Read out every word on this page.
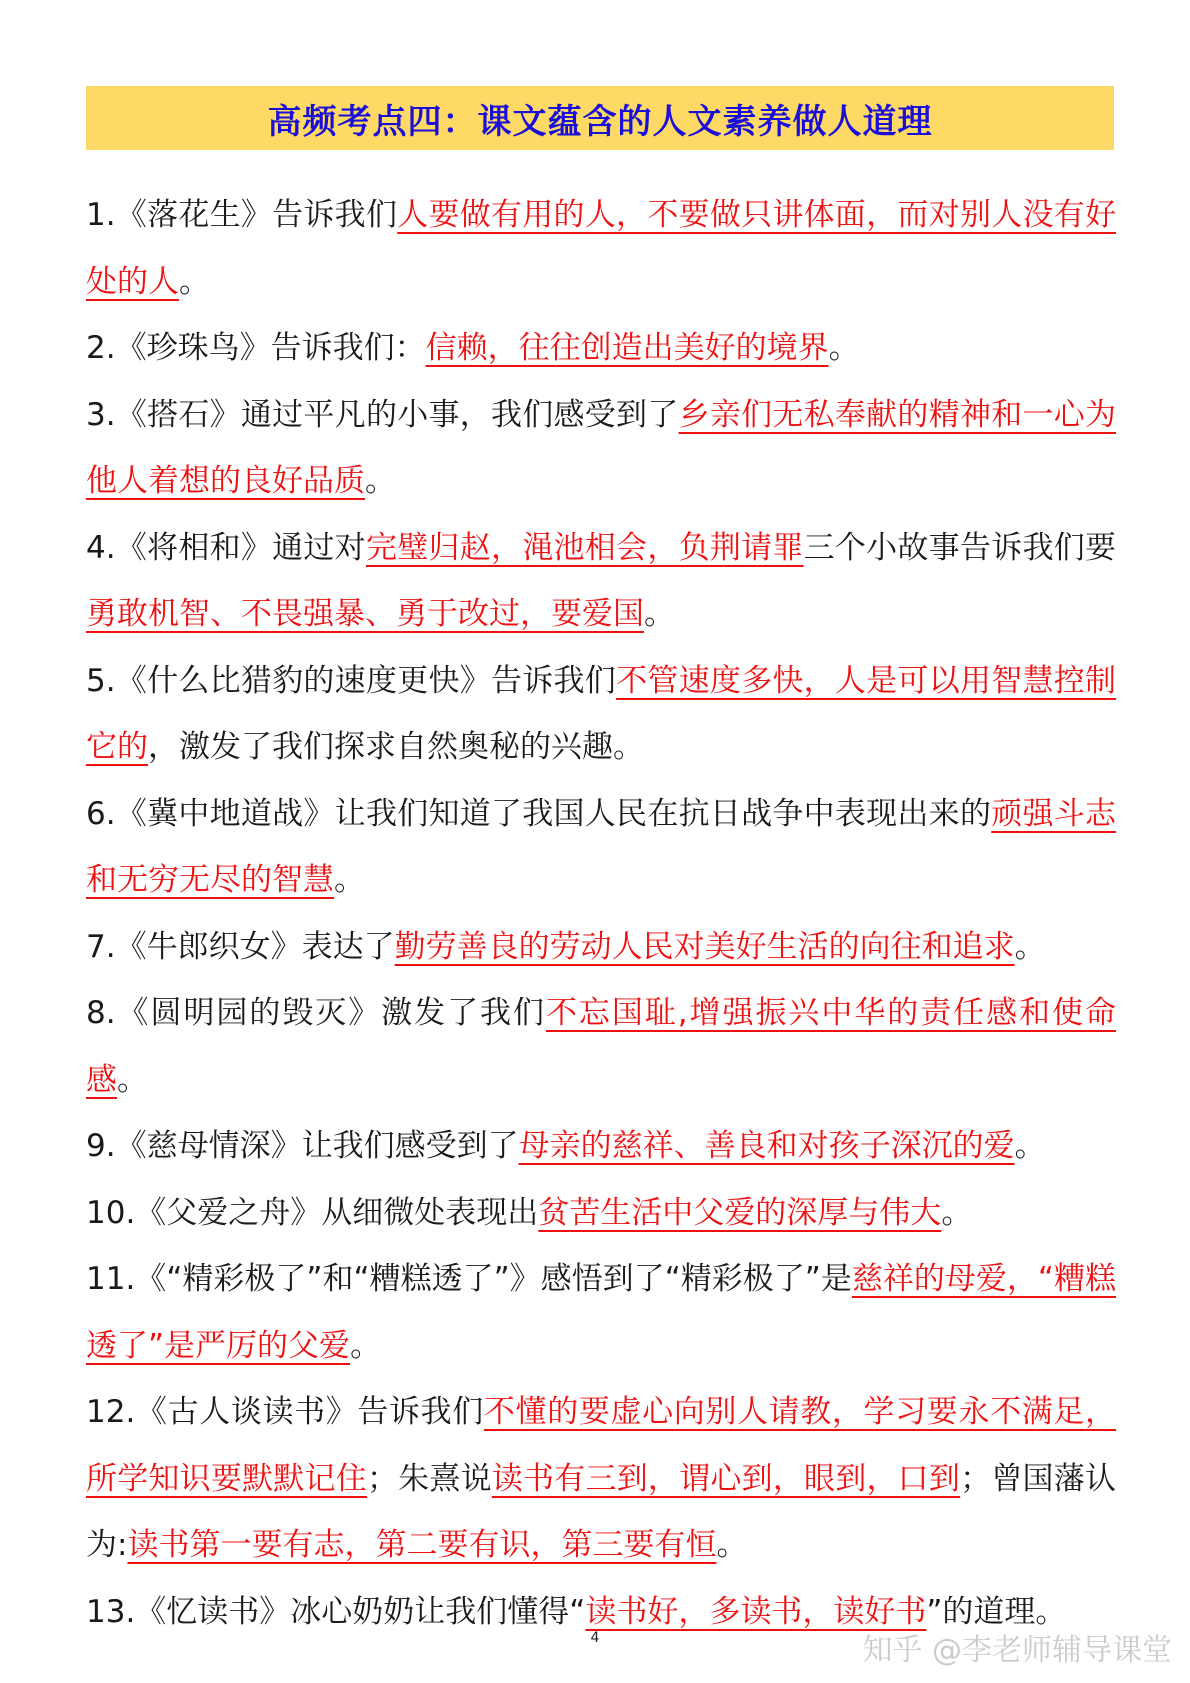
高频考点四：课文蕴含的人文素养做人道理

1.《落花生》告诉我们人要做有用的人，不要做只讲体面，而对别人没有好处的人。

2.《珍珠鸟》告诉我们：信赖，往往创造出美好的境界。

3.《搭石》通过平凡的小事，我们感受到了乡亲们无私奉献的精神和一心为他人着想的良好品质。

4.《将相和》通过对完璧归赵，渑池相会，负荆请罪三个小故事告诉我们要勇敢机智、不畏强暴、勇于改过，要爱国。

5.《什么比猎豹的速度更快》告诉我们不管速度多快，人是可以用智慧控制它的，激发了我们探求自然奥秘的兴趣。

6.《冀中地道战》让我们知道了我国人民在抗日战争中表现出来的顽强斗志和无穷无尽的智慧。

7.《牛郎织女》表达了勤劳善良的劳动人民对美好生活的向往和追求。

8.《圆明园的毁灭》激发了我们不忘国耻,增强振兴中华的责任感和使命感。

9.《慈母情深》让我们感受到了母亲的慈祥、善良和对孩子深沉的爱。

10.《父爱之舟》从细微处表现出贫苦生活中父爱的深厚与伟大。

11.《“精彩极了”和“糟糕透了”》感悟到了“精彩极了”是慈祥的母爱，“糟糕透了”是严厉的父爱。

12.《古人谈读书》告诉我们不懂的要虚心向别人请教，学习要永不满足，所学知识要默默记住；朱熹说读书有三到，谓心到，眼到，口到；曾国藩认为:读书第一要有志，第二要有识，第三要有恒。

13.《忆读书》冰心奶奶让我们懂得“读书好，多读书，读好书”的道理。

4	知乎 @李老师辅导课堂
